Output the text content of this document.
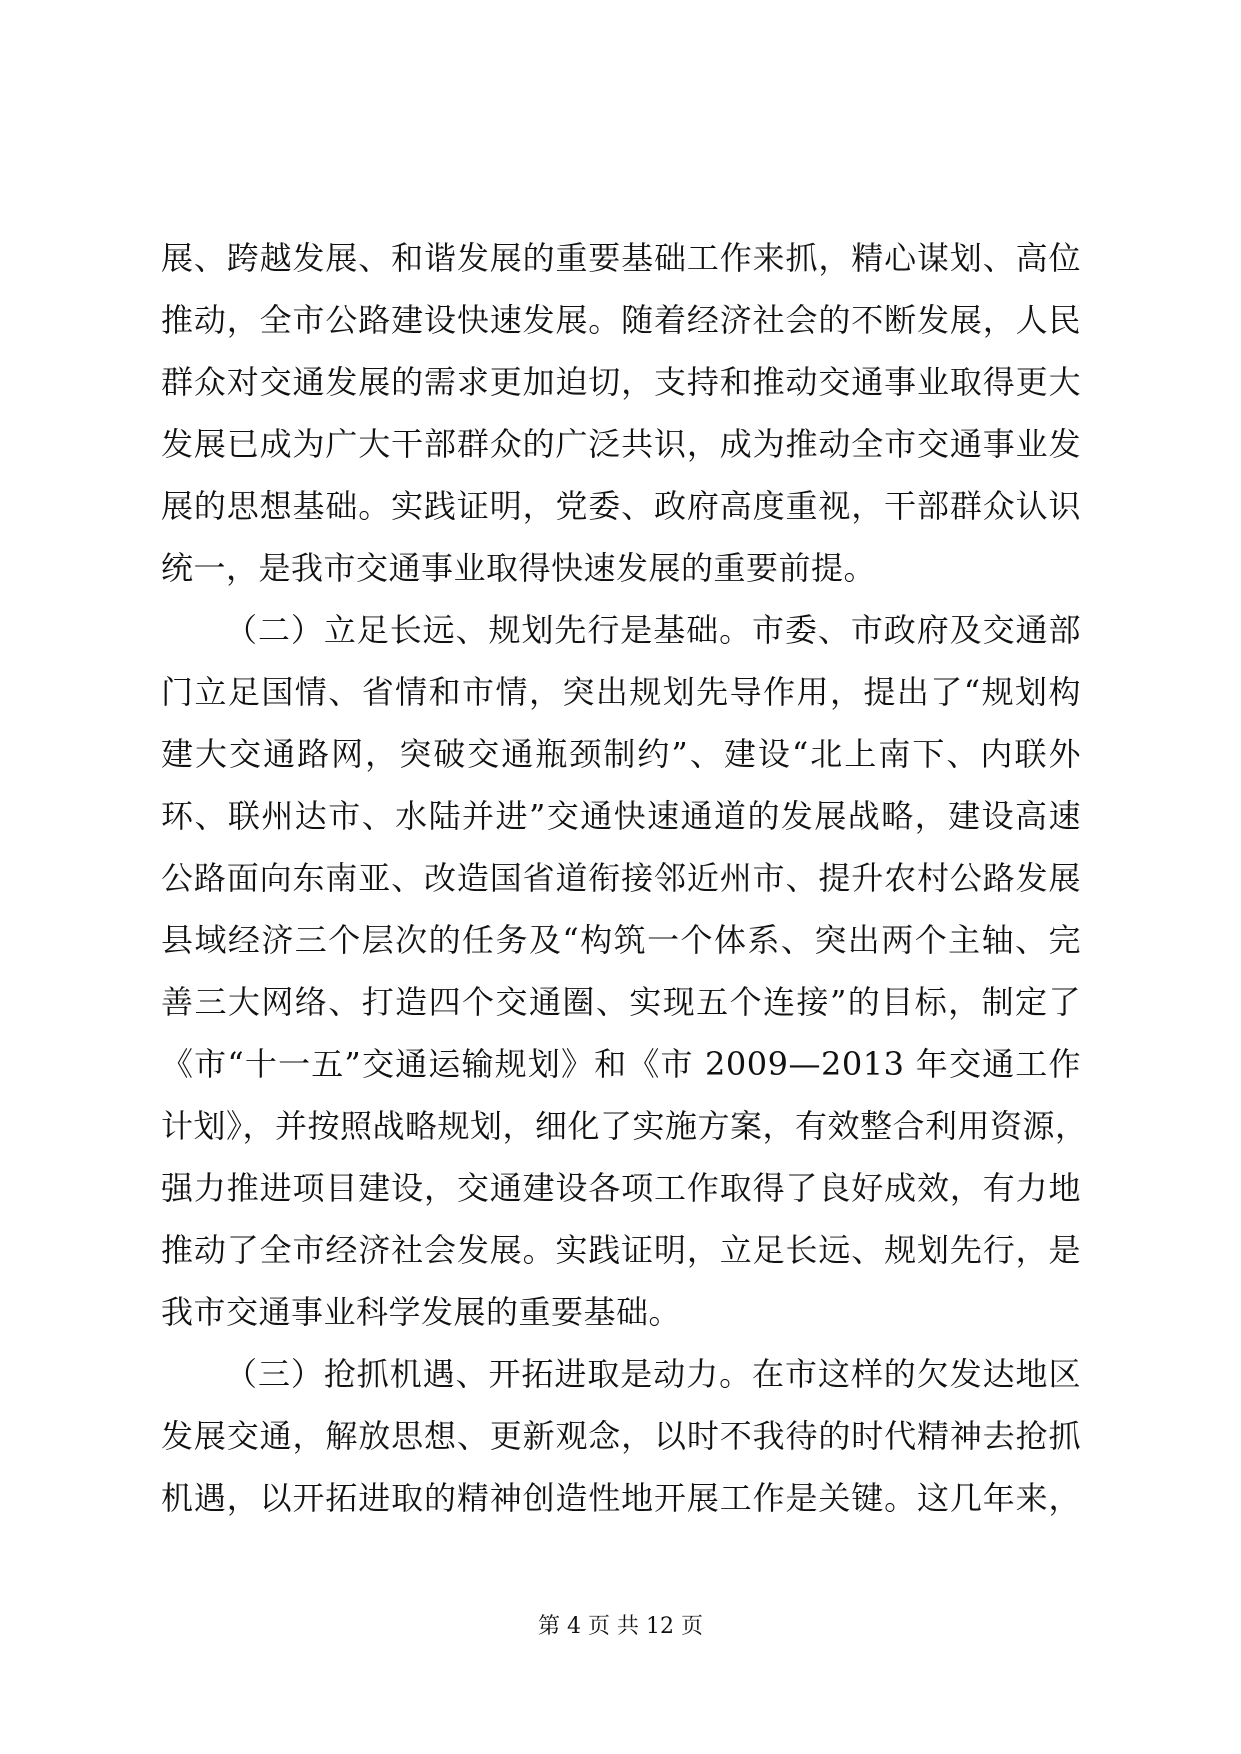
展、跨越发展、和谐发展的重要基础工作来抓，精心谋划、高位
推动，全市公路建设快速发展。随着经济社会的不断发展，人民
群众对交通发展的需求更加迫切，支持和推动交通事业取得更大
发展已成为广大干部群众的广泛共识，成为推动全市交通事业发
展的思想基础。实践证明，党委、政府高度重视，干部群众认识
统一，是我市交通事业取得快速发展的重要前提。
（二）立足长远、规划先行是基础。市委、市政府及交通部
门立足国情、省情和市情，突出规划先导作用，提出了“规划构
建大交通路网，突破交通瓶颈制约”、建设“北上南下、内联外
环、联州达市、水陆并进”交通快速通道的发展战略，建设高速
公路面向东南亚、改造国省道衔接邻近州市、提升农村公路发展
县域经济三个层次的任务及“构筑一个体系、突出两个主轴、完
善三大网络、打造四个交通圈、实现五个连接”的目标，制定了
《市“十一五”交通运输规划》和《市 2009—2013 年交通工作
计划》，并按照战略规划，细化了实施方案，有效整合利用资源，
强力推进项目建设，交通建设各项工作取得了良好成效，有力地
推动了全市经济社会发展。实践证明，立足长远、规划先行，是
我市交通事业科学发展的重要基础。
（三）抢抓机遇、开拓进取是动力。在市这样的欠发达地区
发展交通，解放思想、更新观念，以时不我待的时代精神去抢抓
机遇，以开拓进取的精神创造性地开展工作是关键。这几年来，
第 4 页 共 12 页
